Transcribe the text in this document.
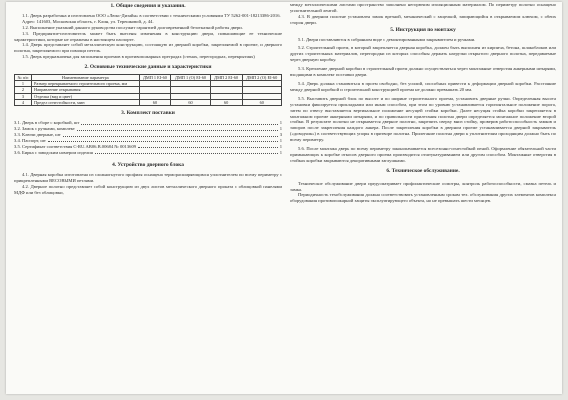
1. Общие сведения и указания.

1.1. Дверь разработана и изготовлена ООО «Люкс-Дизайн» в соответствии с техническими условиями ТУ 5262-001-18213386-2016.

Адрес: 141603, Московская область, г. Клин, ул. Терешковой, д. 44.

1.2. Выполнение указаний данного руководства послужит гарантией долговременной безотказной работы двери.

1.3. Предприятие-изготовитель может быть внесены изменения в конструкцию двери, повышающие ее технические характеристики, которые не отражены в настоящем паспорте.

1.4. Дверь представляет собой металлическую конструкцию, состоящую из дверной коробки, закрепляемой в проеме, и дверного полотна, закрепляемого при помощи петель.

1.5. Дверь предназначена для заполнения проемов в противопожарных преградах (стенах, перегородках, перекрытиях)

2. Основные технические данные и характеристики
№ п/п	Наименование параметра	ДМП 1 EI-60	ДМП 1 (О) EI-60	ДМП 2 EI-60	ДМП 2 (О) EI-60
1	Размер перекрываемого строительного проема, мм				
2	Направление открывания				
3	Отделка (вид и цвет)				
4	Предел огнестойкости, мин	60	60	60	60
3. Комплект поставки
3.1. Дверь в сборе с коробкой, шт	1
3.2. Замок с ручками, комплект	1
3.3. Ключи дверные, шт	3
3.4. Паспорт, шт	1
3.5. Сертификат соответствия C-RU.AB06.B.00684 № 0013609	1
3.6. Бирка с заводским номером изделия	1
4. Устройство дверного блока

4.1. Дверная коробка изготовлена из сложногнутого профиля оснащена терморасширяющимся уплотнителем по всему периметру с прикрепленными ВЕСОВЫМИ петлями.

4.2. Дверное полотно представляет собой конструкцию из двух листов металлического дверного проката с облицовкой панелями МДФ или без облицовки,

между металлическими листами пространство заполнено негорючим изоляционным материалом. По периметру полотно оснащено уплотнительной лентой.

4.3. В дверном полотне установлен замок врезной, механический с защелкой, запирающийся в открываемом ключом, с обеих сторон двери.

5. Инструкция по монтажу

5.1. Двери поставляются в собранном виде с демонтированными закрывателем и ручками.

5.2. Строительный проем, в который закрепляется дверная коробка, должен быть выполнен из кирпича, бетона, шлакоблоков или других строительных материалов, перегородки из которых способны держать нагрузки открытого дверного полотна, передаваемые через дверную коробку.

5.3. Крепление дверной коробки в строительный проем должно осуществляться через монтажные отверстия анкерными штырями, входящими в комплект поставки двери.

5.4. Дверь должна становиться в проем свободно, без усилий, способных привести к деформации дверной коробки. Расстояние между дверной коробкой и строительной конструкцией проема не должно превышать 20 мм.

5.5. Выставить дверной блок по высоте и по ширине строительного проема, установить дверные ручки. Определенная высота установки фиксируется прокладками или иным способом, при этом по уровню устанавливается горизонтальное положение порога, затем по отвесу выставляется вертикальное положение несущей стойки коробки. Далее несущая стойка коробки закрепляется в монтажном проеме анкерными штырями, и по правильности прилегания полотна двери определяется монтажное положение второй стойки. В результате полотно не открывается дверное полотно, закрепить сверху вниз стойку, проверив работоспособность замков и запоров после закрепления каждого анкера. После закрепления коробки в дверном проеме устанавливается дверной закрыватель («доводчик») в соответствующих упоры в притворе полотна. Прилегание полотна двери к уплотнителям проходящим должно быть по всему периметру.

5.6. После монтажа дверь по всему периметру законопачивается всесезонно-огнестойкой пеной. Оформление обязательной части примыкающих к коробке откосов дверного проема производится отштукатуриванием или другим способом. Монтажные отверстия в стойках коробки закрываются декоративными заглушками.

6. Техническое обслуживание.

Техническое обслуживание двери предусматривает профилактические осмотры, контроль работоспособности, смазка петель и замка.

Периодичность техобслуживания должна соответствовать установленным срокам тех. обслуживания других элементов комплекса оборудования противопожарной защиты эксплуатирующего объекта, но не превышать шести месяцев.
